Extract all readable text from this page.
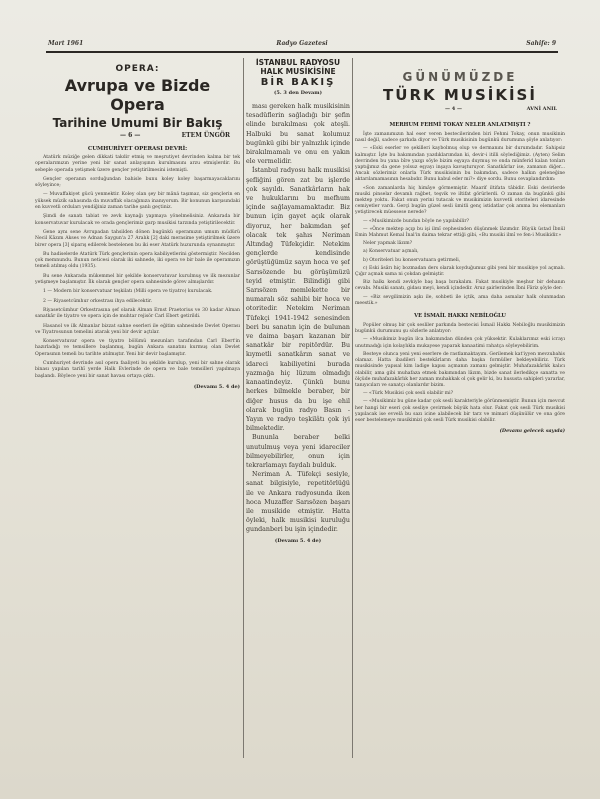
Mart 1961	Radyo Gazetesi	Sahife: 9
OPERA:
Avrupa ve Bizde Opera
Tarihine Umumi Bir Bakış
— 6 —	ETEM ÜNGÖR
CUMHURİYET OPERASI DEVRİ:

Atatürk müziğe gelen dikkati takdir etmiş ve meşrutiyet devrinden kalma bir tek operalarımızın yerine yeni bir sanat anlayışının kurulmasını arzu etmişlerdir. Bu sebeple operada yetişmek üzere gençler yetiştirilmesini istemişti.

Gençler operanın sorduğundan bahisle bunu koley koley başarmayacaklarını söyleyince;

— Muvaffakiyet gücü yenmektir. Koley olan şey bir mâná taşımaz, siz gençlerin en yüksek müzik sahasında da muvaffak olacağınıza inanıyorum. Bir konunun karşısındaki en kuvvetli orduları yendiğiniz zaman tarihe şanlı geçtiniz.

Şimdi de sanatı tabiat ve zevk kaynağı yapmaya yönelmelisiniz. Ankarada bir konservatuvar kurulacak ve orada gençlerimiz garp musikisi tarzında yetiştirilecektir.

Gene aynı sene Avrupadan tahsilden dönen bugünkü operamızın umum müdürü Necil Kâzım Akses ve Adnan Saygun'a 27 Aralık [2] daki merasime yetiştirilmek üzere birer opera [3] siparış edilerek bestelenen bu iki eser Atatürk huzurunda oynanmıştır.

Bu hadiselerde Atatürk Türk gençlerinin opera kabiliyetlerini göstermiştir. Necilden çok memnundu. Bunun neticesi olarak iki sahnede, iki opera ve bir bale ile operamızın temeli atılmış oldu (1935).

Bu sene Ankarada mükemmel bir şekilde konservatuvar kurulmuş ve ilk mezunlar yetişmeye başlamıştır. İlk olarak gençler opera sahnesinde görev almışlardır.

1 — Modern bir konservatuar teşkilatı (Milli opera ve tiyatro) kurulacak.

2 — Riyasetcümhur orkestrası ihya edilecektir.

Riyasetcümhur Orkestrasına şef olarak Alman Ernst Praetorius ve 30 kadar Alman sanatkâr ile tiyatro ve opera için de muhtar rejisör Carl Ebert getirildi.

Hasanol ve ilk Almanlar bizzat sahne eserleri ile eğitim sahnesinde Devlet Operası ve Tiyatrosunun temelini atarak yeni bir devir açtılar.

Konservatuvar opera ve tiyatro bölümü mezunları tarafından Carl Ebert'in hazırladığı ve temsillere başlanmış, bugün Ankara sanatını kurmuş olan Devlet Operasının temeli bu tarihte atılmıştır. Yeni bir devir başlamıştır.

Cumhuriyet devrinde asıl opera faaliyeti bu şekilde kurulup, yeni bir sahne olarak binası yapılan tarihî yerde Halk Evlerinde de opera ve bale temsilleri yapılmaya başlandı. Böylece yeni bir sanat havası ortaya çıktı.

(Devamı 5. 4 de)
İSTANBUL RADYOSU
HALK MUSİKİSİNE
BİR BAKIŞ
(5. 3 den Devam)

ması gereken halk musikisinin tesadüflerin sağladığı bir şefin elinde bırakılması çok ateşli. Halbuki bu sanat kolumuz bugünkü gibi bir yalnızlık içinde birakılmamalı ve onu en yakın ele vermelidir.

İstanbul radyosu halk musikisi şefliğini gören zat bu işlerde çok sayıldı. Sanatkârların hak ve hukuklarını bu mefhum içinde sağlayamamaktadır. Biz bunun için gayet açık olarak diyoruz, her bakımdan şef olacak tek şahıs Neriman Altındağ Tüfekçidir. Netekim gençlerde kendisinde görüştüğümüz sayın hoca ve şef Sarısözende bu görüşümüzü teyid etmiştir. Bilindiği gibi Sarısözen memlekette bir numaralı söz sahibi bir hoca ve otoritedir. Netekim Neriman Tüfekçi 1941-1942 senesinden beri bu sanatın için de bulunan ve daima başarı kazanan bir sanatkâr bir repitördür. Bu kıymetli sanatkârın sanat ve idareci kabiliyetini burada yazmağa hiç lüzum olmadığı kanaatindeyiz. Çünkü bunu herkes bilmekle beraber, bir diğer husus da bu işe ehil olarak bugün radyo Basın - Yayın ve radyo teşkilâtı çok iyi bilmektedir.

Bununla beraber belki unutulmuş veya yeni idareciler bilmeyebilirler, onun için tekrarlamayı faydalı bulduk.

Neriman A. Tüfekçi sesiyle, sanat bilgisiyle, repetitörlüğü ile ve Ankara radyosunda iken hoca Muzaffer Sarısözen başarı ile musikide etmiştir. Hatta öyleki, halk musikisi kuruluğu gundanberi bu işin içindedir.

(Devamı 5. 4 de)
GÜNÜMÜZDE
TÜRK MUSİKİSİ
— 4 —	AVNİ ANIL
MERHUM FEHMİ TOKAY NELER ANLATMIŞTI ?

İşte zamanımızın hal eser veren bestecilerinden biri Fehmi Tokay, onun musikinin nasıl değil, sadece şarkıda diyor ve Türk musikisinin bugünkü durumuna şöyle anlatıyor:

— «Eski eserler ve şekilleri kaybolmuş olup ve dermanını bir durumdadır. Sahipsiz kalmıştır. İşte bu bakımından yazdıklarımdan ki, devir-i itilli söylediğimiz. (Ayten) Selim devrinden bu yana bîre yazgı söyle bizim eşyaya duymuş ve onda münferid kalan tonları yaptığımız da gene yolsuz eşyayı inşaya kavuşturuyor. Sanatkârlar ise, zamanın diğer... Ancak sözlerimiz onlarla Türk musikisinin bu bakımdan, sadece halkın geleneğine aktarılamamasının hesabıdır. Bunu kabul eder mi?» diye sordu. Bunu cevaplandırdım:

«Son zamanlarda hiç himâye görmemiştir. Maarif iltifata tâbidir. Eski devirlerde musiki pinselar devamlı rağbet, teşvik ve iltifat görürlerdi. O zaman da bugünkü gibi mektep yoktu. Fakat onun yerini tutacak ve musikimizin kuvvetli otoriteleri idaresinde cemiyetler vardı. Gerçi bugün güzel sesli ümitli genç istidatlar çok amma bu elemanları yetiştirecek müessese nerede?

— «Musikimizde bundan böyle ne yapılabilir?

— «Önce mektep açıp bu işi ilmî cephesinden düşünmek lâzımdır. Büyük üstad İbnül Emin Mahmut Kemal İnal'in daima tekrar ettiği gibi, «Bu musiki ilmî ve fen-i Musikidir.»

Neler yapmak lâzım?

a) Konservatuar açmalı,

b) Otoriteleri bu konservatuara getirmeli,

c) Eski âsârı hiç bozmadan ders olarak koyduğumuz gibi yeni bir musikiye yol açmalı. Çığır açmak sama ni çokdan gelmiştir.

Biz halkı kendi zevkiyle baş başa bırakalım. Fakat musikiyle meşhur bir dehanın cevabı. Musiki sanatı, gidası meyi, kendi içindedir. Aruz şairlerinden İbni Fâriz şöyle der:

— «Biz sevgilimizin aşkı ile, sohbeti ile içtik, ama daha asmalar halk olunmadan meestik.»

VE İSMAİL HAKKI NEBİLOĞLU

Popüler olmuş bir çok sesliler parkında bestecisi İsmail Hakkı Nebiloğlu musikimizin bugünkü durumunu şu sözlerle anlatıyor:

— «Musikimiz bugün ilca bakımından dünden çok yüksektir. Kulaklarımız eski icrayı unutmadığı için kolaylıkla mukayese yaparak kanaatimi rahatça söyleyebilirim.

Besteye olunca yeni yeni eserlere de rastlamaktayım. Gerilemek kat'iyyen mevzubahis olamaz. Hatta ibadileri bestekârların daha başka formüller bekleyebiliriz. Türk musikisinde yapısal kim ladige kapısı açmanın zamanı gelmiştir. Muhafazakârlık kalıcı olabilir, ama gibi muhafaza etmek bakımından lâzım, bizde sanat ilerledikçe sanatta ve ölçüde muhafazakârlık her zaman muhakkak ol çok gelir ki, bu hususta sahipleri yararlar, tanıyıcıları ve sanatçı olanlardır bizim.

— «Türk Musikisi çok sesli olabilir mi?

— «Musikimiz bu güne kadar çok sesli karakteriyle görünmemiştir. Bunun için mevcut her hangi bir eseri çok sesliye çevirmek büyük hata olur. Fakat çok sesli Türk musikisi yapılacak ise evvelâ bu sazı icine alabilecek bir tarz ve mimari düşünülür ve ona göre eser bestelemeye musikimizi çok sesli Türk musikisi olabilir.

(Devamı gelecek sayıda)
